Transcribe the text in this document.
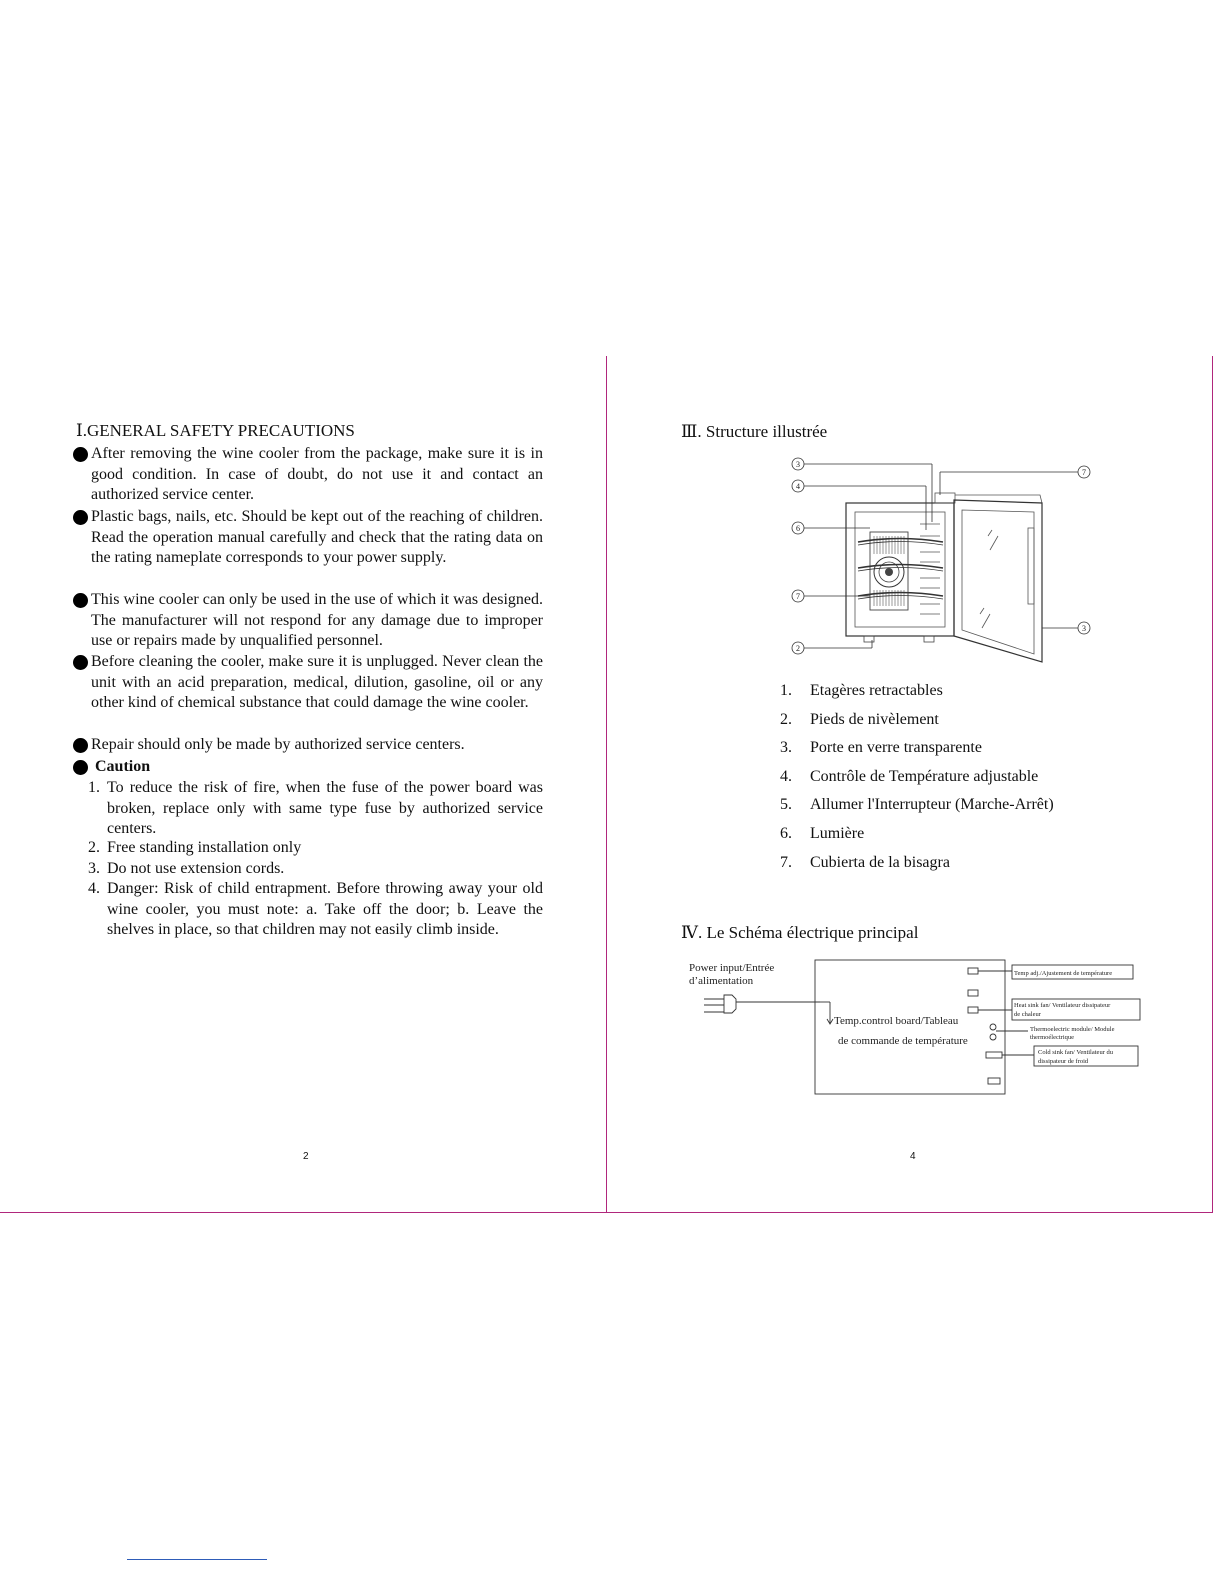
Ⅰ.GENERAL SAFETY PRECAUTIONS
After removing the wine cooler from the package, make sure it is in good condition. In case of doubt, do not use it and contact an authorized service center.
Plastic bags, nails, etc. Should be kept out of the reaching of children. Read the operation manual carefully and check that the rating data on the rating nameplate corresponds to your power supply.
This wine cooler can only be used in the use of which it was designed. The manufacturer will not respond for any damage due to improper use or repairs made by unqualified personnel.
Before cleaning the cooler, make sure it is unplugged. Never clean the unit with an acid preparation, medical, dilution, gasoline, oil or any other kind of chemical substance that could damage the wine cooler.
Repair should only be made by authorized service centers.
Caution
1. To reduce the risk of fire, when the fuse of the power board was broken, replace only with same type fuse by authorized service centers.
2. Free standing installation only
3. Do not use extension cords.
4. Danger: Risk of child entrapment. Before throwing away your old wine cooler, you must note: a. Take off the door; b. Leave the shelves in place, so that children may not easily climb inside.
2
Ⅲ. Structure illustrée
3
4
6
7
2
7
3
1. Etagères retractables
2. Pieds de nivèlement
3. Porte en verre transparente
4. Contrôle de Température adjustable
5. Allumer l'Interrupteur (Marche-Arrêt)
6. Lumière
7. Cubierta de la bisagra
Ⅳ. Le Schéma électrique principal
Power input/Entrée
d’alimentation
Temp.control board/Tableau
de commande de température
Temp adj./Ajustement de température
Heat sink fan/ Ventilateur dissipateur
de chaleur
Thermoelectric module/ Module
thermoélectrique
Cold sink fan/ Ventilateur du
dissipateur de froid
4
